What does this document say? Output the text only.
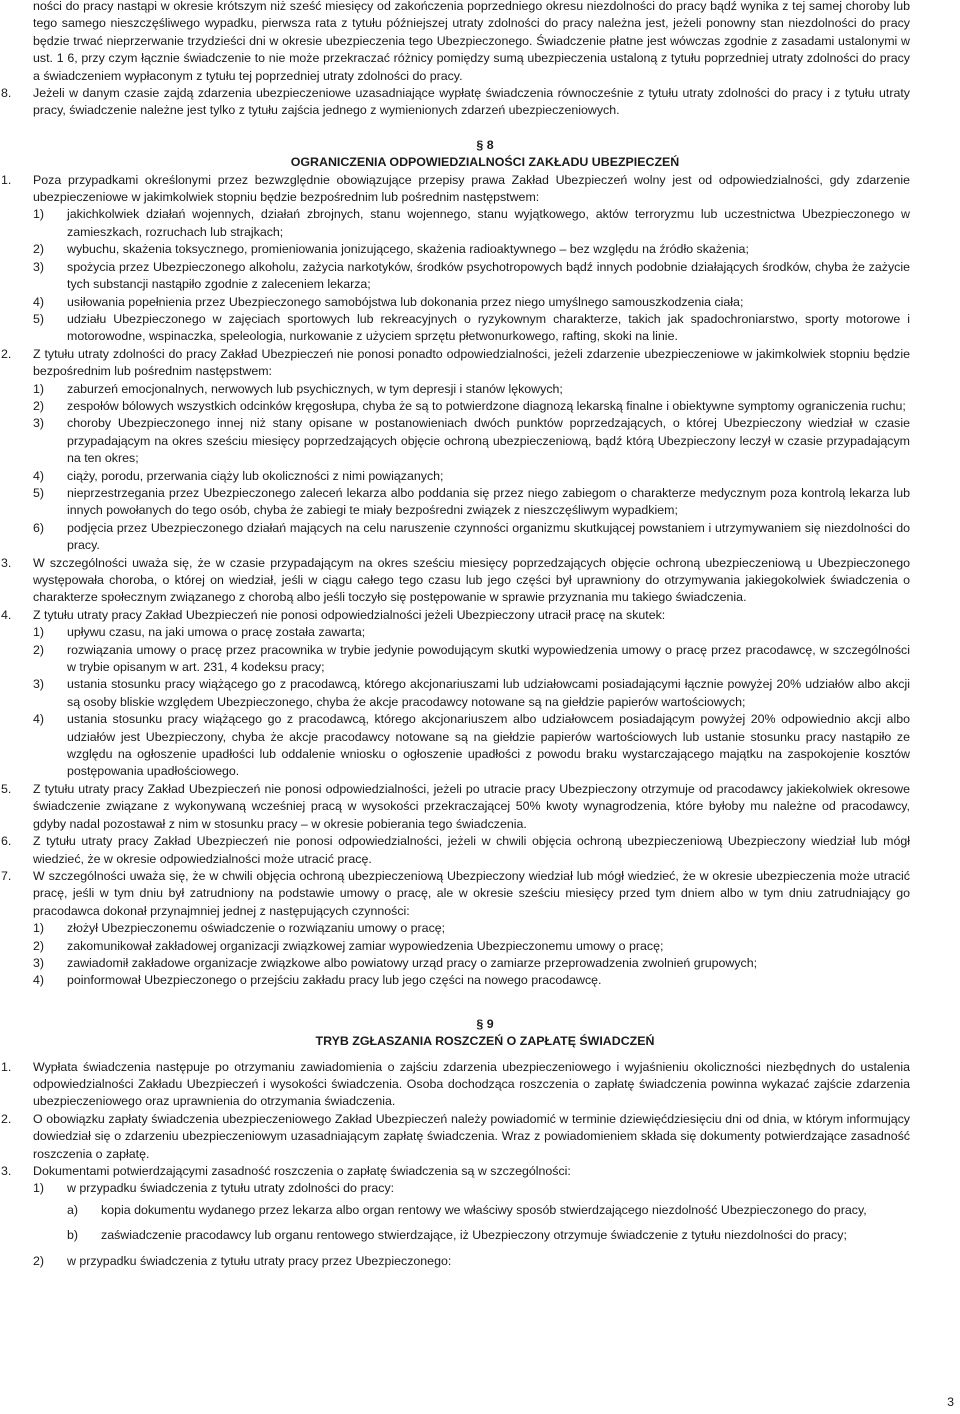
ności do pracy nastąpi w okresie krótszym niż sześć miesięcy od zakończenia poprzedniego okresu niezdolności do pracy bądź wynika z tej samej choroby lub tego samego nieszczęśliwego wypadku, pierwsza rata z tytułu późniejszej utraty zdolności do pracy należna jest, jeżeli ponowny stan niezdolności do pracy będzie trwać nieprzerwanie trzydzieści dni w okresie ubezpieczenia tego Ubezpieczonego. Świadczenie płatne jest wówczas zgodnie z zasadami ustalonymi w ust. 1 6, przy czym łącznie świadczenie to nie może przekraczać różnicy pomiędzy sumą ubezpieczenia ustaloną z tytułu poprzedniej utraty zdolności do pracy a świadczeniem wypłaconym z tytułu tej poprzedniej utraty zdolności do pracy.

8. Jeżeli w danym czasie zajdą zdarzenia ubezpieczeniowe uzasadniające wypłatę świadczenia równocześnie z tytułu utraty zdolności do pracy i z tytułu utraty pracy, świadczenie należne jest tylko z tytułu zajścia jednego z wymienionych zdarzeń ubezpieczeniowych.

§ 8

OGRANICZENIA ODPOWIEDZIALNOŚCI ZAKŁADU UBEZPIECZEŃ

1. Poza przypadkami określonymi przez bezwzględnie obowiązujące przepisy prawa Zakład Ubezpieczeń wolny jest od odpowiedzialności, gdy zdarzenie ubezpieczeniowe w jakimkolwiek stopniu będzie bezpośrednim lub pośrednim następstwem:

1) jakichkolwiek działań wojennych, działań zbrojnych, stanu wojennego, stanu wyjątkowego, aktów terroryzmu lub uczestnictwa Ubezpieczonego w zamieszkach, rozruchach lub strajkach;

2) wybuchu, skażenia toksycznego, promieniowania jonizującego, skażenia radioaktywnego – bez względu na źródło skażenia;

3) spożycia przez Ubezpieczonego alkoholu, zażycia narkotyków, środków psychotropowych bądź innych podobnie działających środków, chyba że zażycie tych substancji nastąpiło zgodnie z zaleceniem lekarza;

4) usiłowania popełnienia przez Ubezpieczonego samobójstwa lub dokonania przez niego umyślnego samouszkodzenia ciała;

5) udziału Ubezpieczonego w zajęciach sportowych lub rekreacyjnych o ryzykownym charakterze, takich jak spadochroniarstwo, sporty motorowe i motorowodne, wspinaczka, speleologia, nurkowanie z użyciem sprzętu płetwonurkowego, rafting, skoki na linie.

2. Z tytułu utraty zdolności do pracy Zakład Ubezpieczeń nie ponosi ponadto odpowiedzialności, jeżeli zdarzenie ubezpieczeniowe w jakimkolwiek stopniu będzie bezpośrednim lub pośrednim następstwem:

1) zaburzeń emocjonalnych, nerwowych lub psychicznych, w tym depresji i stanów lękowych;

2) zespołów bólowych wszystkich odcinków kręgosłupa, chyba że są to potwierdzone diagnozą lekarską finalne i obiektywne symptomy ograniczenia ruchu;

3) choroby Ubezpieczonego innej niż stany opisane w postanowieniach dwóch punktów poprzedzających, o której Ubezpieczony wiedział w czasie przypadającym na okres sześciu miesięcy poprzedzających objęcie ochroną ubezpieczeniową, bądź którą Ubezpieczony leczył w czasie przypadającym na ten okres;

4) ciąży, porodu, przerwania ciąży lub okoliczności z nimi powiązanych;

5) nieprzestrzegania przez Ubezpieczonego zaleceń lekarza albo poddania się przez niego zabiegom o charakterze medycznym poza kontrolą lekarza lub innych powołanych do tego osób, chyba że zabiegi te miały bezpośredni związek z nieszczęśliwym wypadkiem;

6) podjęcia przez Ubezpieczonego działań mających na celu naruszenie czynności organizmu skutkującej powstaniem i utrzymywaniem się niezdolności do pracy.

3. W szczególności uważa się, że w czasie przypadającym na okres sześciu miesięcy poprzedzających objęcie ochroną ubezpieczeniową u Ubezpieczonego występowała choroba, o której on wiedział, jeśli w ciągu całego tego czasu lub jego części był uprawniony do otrzymywania jakiegokolwiek świadczenia o charakterze społecznym związanego z chorobą albo jeśli toczyło się postępowanie w sprawie przyznania mu takiego świadczenia.

4. Z tytułu utraty pracy Zakład Ubezpieczeń nie ponosi odpowiedzialności jeżeli Ubezpieczony utracił pracę na skutek:

1) upływu czasu, na jaki umowa o pracę została zawarta;

2) rozwiązania umowy o pracę przez pracownika w trybie jedynie powodującym skutki wypowiedzenia umowy o pracę przez pracodawcę, w szczególności w trybie opisanym w art. 231, 4 kodeksu pracy;

3) ustania stosunku pracy wiążącego go z pracodawcą, którego akcjonariuszami lub udziałowcami posiadającymi łącznie powyżej 20% udziałów albo akcji są osoby bliskie względem Ubezpieczonego, chyba że akcje pracodawcy notowane są na giełdzie papierów wartościowych;

4) ustania stosunku pracy wiążącego go z pracodawcą, którego akcjonariuszem albo udziałowcem posiadającym powyżej 20% odpowiednio akcji albo udziałów jest Ubezpieczony, chyba że akcje pracodawcy notowane są na giełdzie papierów wartościowych lub ustanie stosunku pracy nastąpiło ze względu na ogłoszenie upadłości lub oddalenie wniosku o ogłoszenie upadłości z powodu braku wystarczającego majątku na zaspokojenie kosztów postępowania upadłościowego.

5. Z tytułu utraty pracy Zakład Ubezpieczeń nie ponosi odpowiedzialności, jeżeli po utracie pracy Ubezpieczony otrzymuje od pracodawcy jakiekolwiek okresowe świadczenie związane z wykonywaną wcześniej pracą w wysokości przekraczającej 50% kwoty wynagrodzenia, które byłoby mu należne od pracodawcy, gdyby nadal pozostawał z nim w stosunku pracy – w okresie pobierania tego świadczenia.

6. Z tytułu utraty pracy Zakład Ubezpieczeń nie ponosi odpowiedzialności, jeżeli w chwili objęcia ochroną ubezpieczeniową Ubezpieczony wiedział lub mógł wiedzieć, że w okresie odpowiedzialności może utracić pracę.

7. W szczególności uważa się, że w chwili objęcia ochroną ubezpieczeniową Ubezpieczony wiedział lub mógł wiedzieć, że w okresie ubezpieczenia może utracić pracę, jeśli w tym dniu był zatrudniony na podstawie umowy o pracę, ale w okresie sześciu miesięcy przed tym dniem albo w tym dniu zatrudniający go pracodawca dokonał przynajmniej jednej z następujących czynności:

1) złożył Ubezpieczonemu oświadczenie o rozwiązaniu umowy o pracę;

2) zakomunikował zakładowej organizacji związkowej zamiar wypowiedzenia Ubezpieczonemu umowy o pracę;

3) zawiadomił zakładowe organizacje związkowe albo powiatowy urząd pracy o zamiarze przeprowadzenia zwolnień grupowych;

4) poinformował Ubezpieczonego o przejściu zakładu pracy lub jego części na nowego pracodawcę.

§ 9

TRYB ZGŁASZANIA ROSZCZEŃ O ZAPŁATĘ ŚWIADCZEŃ

1. Wypłata świadczenia następuje po otrzymaniu zawiadomienia o zajściu zdarzenia ubezpieczeniowego i wyjaśnieniu okoliczności niezbędnych do ustalenia odpowiedzialności Zakładu Ubezpieczeń i wysokości świadczenia. Osoba dochodząca roszczenia o zapłatę świadczenia powinna wykazać zajście zdarzenia ubezpieczeniowego oraz uprawnienia do otrzymania świadczenia.

2. O obowiązku zapłaty świadczenia ubezpieczeniowego Zakład Ubezpieczeń należy powiadomić w terminie dziewięćdziesięciu dni od dnia, w którym informujący dowiedział się o zdarzeniu ubezpieczeniowym uzasadniającym zapłatę świadczenia. Wraz z powiadomieniem składa się dokumenty potwierdzające zasadność roszczenia o zapłatę.

3. Dokumentami potwierdzającymi zasadność roszczenia o zapłatę świadczenia są w szczególności:

1) w przypadku świadczenia z tytułu utraty zdolności do pracy:

a) kopia dokumentu wydanego przez lekarza albo organ rentowy we właściwy sposób stwierdzającego niezdolność Ubezpieczonego do pracy,

b) zaświadczenie pracodawcy lub organu rentowego stwierdzające, iż Ubezpieczony otrzymuje świadczenie z tytułu niezdolności do pracy;

2) w przypadku świadczenia z tytułu utraty pracy przez Ubezpieczonego:

3
